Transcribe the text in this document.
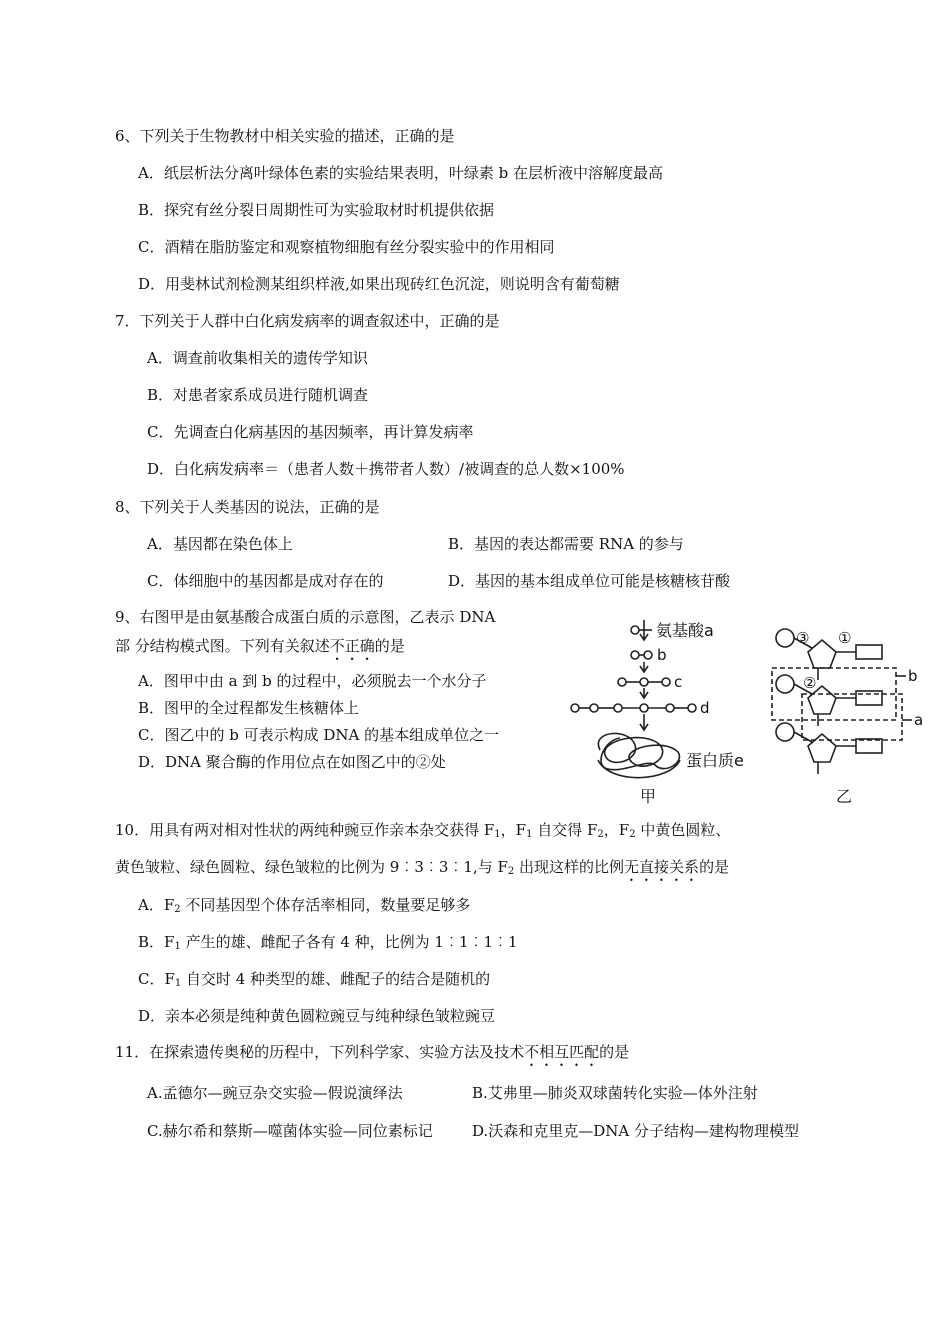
6、下列关于生物教材中相关实验的描述，正确的是
A．纸层析法分离叶绿体色素的实验结果表明，叶绿素 b 在层析液中溶解度最高
B．探究有丝分裂日周期性可为实验取材时机提供依据
C．酒精在脂肪鉴定和观察植物细胞有丝分裂实验中的作用相同
D．用斐林试剂检测某组织样液,如果出现砖红色沉淀，则说明含有葡萄糖
7．下列关于人群中白化病发病率的调查叙述中，正确的是
A．调查前收集相关的遗传学知识
B．对患者家系成员进行随机调查
C．先调查白化病基因的基因频率，再计算发病率
D．白化病发病率＝（患者人数＋携带者人数）/被调查的总人数×100%
8、下列关于人类基因的说法，正确的是
A．基因都在染色体上	B．基因的表达都需要 RNA 的参与
C．体细胞中的基因都是成对存在的	D．基因的基本组成单位可能是核糖核苷酸
9、右图甲是由氨基酸合成蛋白质的示意图，乙表示 DNA
部 分结构模式图。下列有关叙述不正确的是
A．图甲中由 a 到 b 的过程中，必须脱去一个水分子
B．图甲的全过程都发生核糖体上
C．图乙中的 b 可表示构成 DNA 的基本组成单位之一
D．DNA 聚合酶的作用位点在如图乙中的②处
氨基酸a
b
c
d
蛋白质e
甲
③ ①
②	b
a
乙
10．用具有两对相对性状的两纯种豌豆作亲本杂交获得 $F_1$，$F_1$ 自交得 $F_2$，$F_2$ 中黄色圆粒、
黄色皱粒、绿色圆粒、绿色皱粒的比例为 9︰3︰3︰1,与 $F_2$ 出现这样的比例无直接关系的是
A．$F_2$ 不同基因型个体存活率相同，数量要足够多
B．$F_1$ 产生的雄、雌配子各有 4 种，比例为 1︰1︰1︰1
C．$F_1$ 自交时 4 种类型的雄、雌配子的结合是随机的
D．亲本必须是纯种黄色圆粒豌豆与纯种绿色皱粒豌豆
11．在探索遗传奥秘的历程中，下列科学家、实验方法及技术不相互匹配的是
A.孟德尔—豌豆杂交实验—假说演绎法	B.艾弗里—肺炎双球菌转化实验—体外注射
C.赫尔希和蔡斯—噬菌体实验—同位素标记	D.沃森和克里克—DNA 分子结构—建构物理模型
